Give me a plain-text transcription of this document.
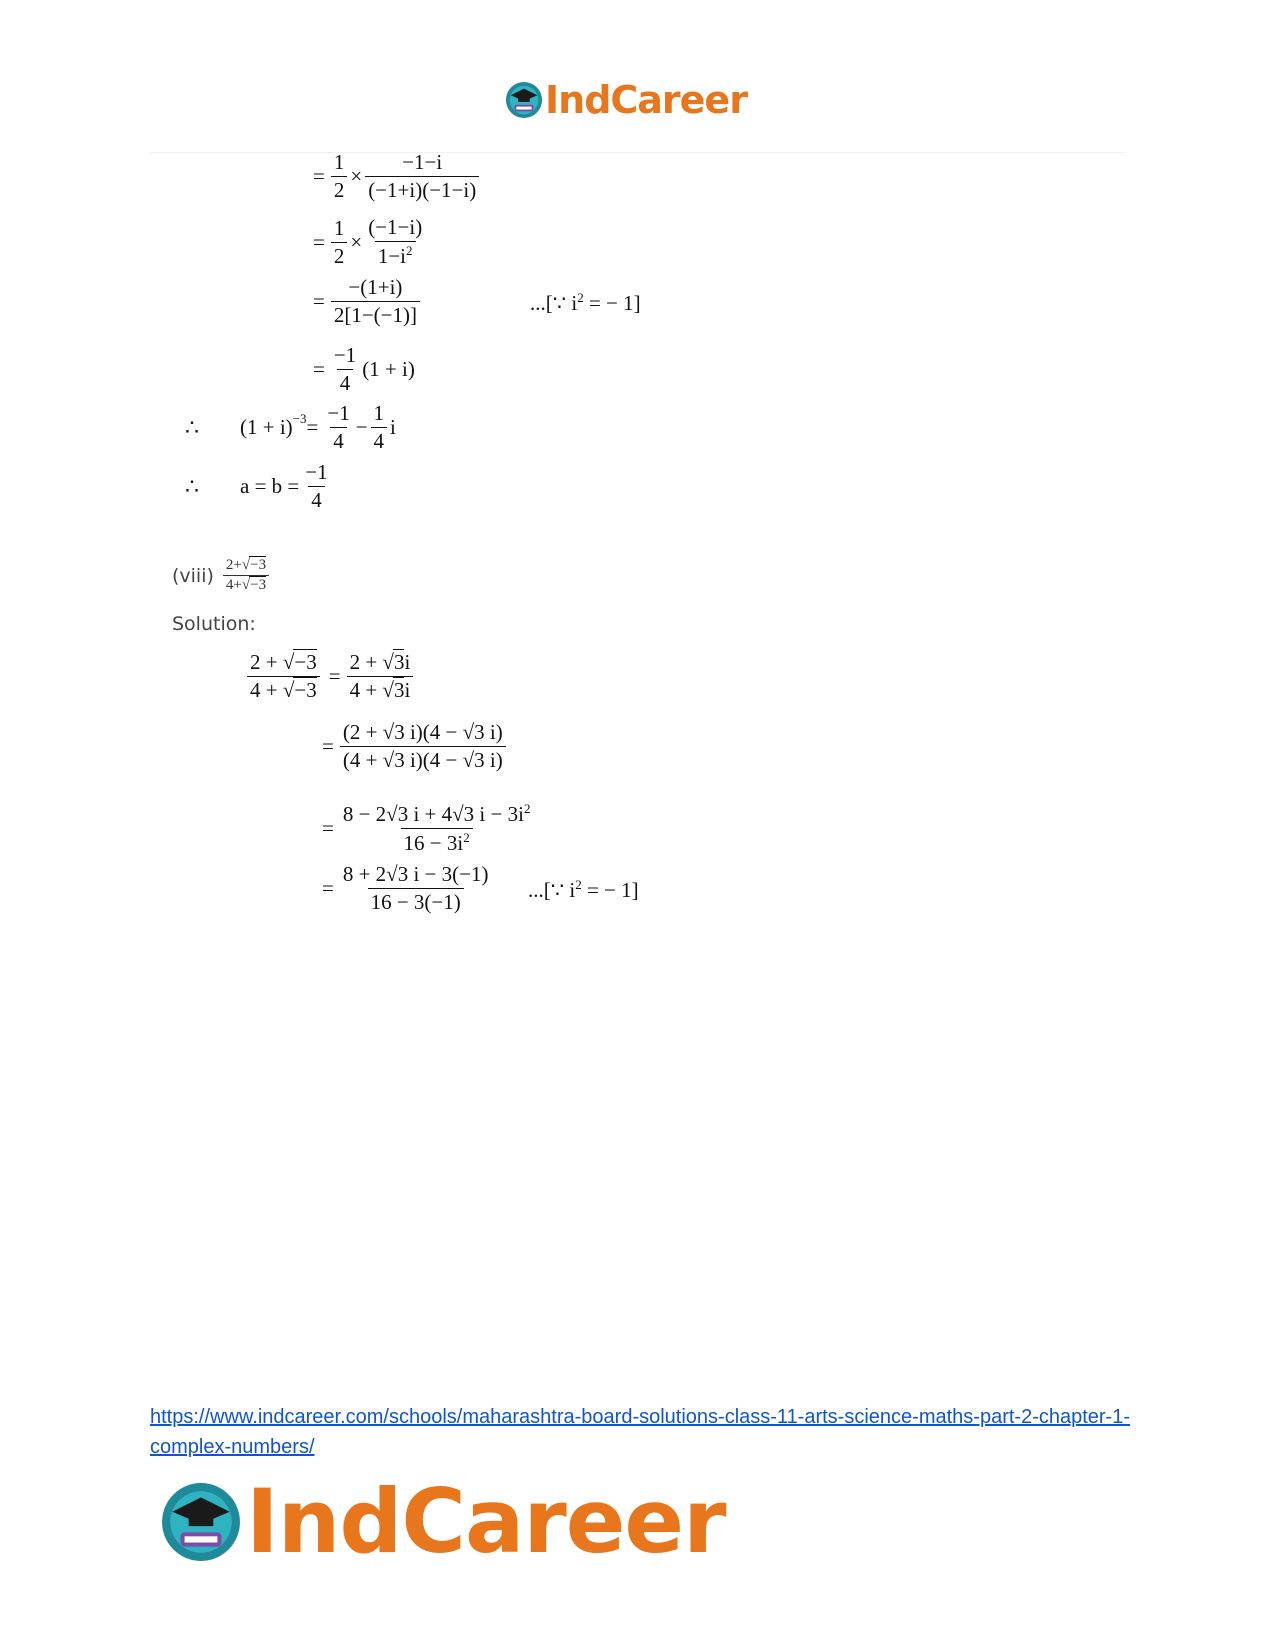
IndCareer
= $\frac{1}{2} \times \frac{-1-i}{(-1+i)(-1-i)}$
= $\frac{1}{2} \times \frac{(-1-i)}{1-i^2}$
= $\frac{-(1+i)}{2[1-(-1)]}$	...[∵ $i^2$ = − 1]
= $\frac{-1}{4} (1 + i)$
∴	$(1 + i)^{-3} = \frac{-1}{4} - \frac{1}{4}$ i
∴	$a = b = \frac{-1}{4}$
(viii) $\frac{2+√-3}{4+√-3}$
Solution:
$\frac{2 + √-3}{4 + √-3} = \frac{2 + √3i}{4 + √3i}$
= $\frac{(2 + √3 i)(4 - √3 i)}{(4 + √3 i)(4 - √3 i)}$
= $\frac{8 - 2√3 i + 4√3 i - 3i^2}{16 - 3i^2}$
= $\frac{8 + 2√3 i - 3(-1)}{16 - 3(-1)}$ ...[∵ $i^2$ = − 1]
https://www.indcareer.com/schools/maharashtra-board-solutions-class-11-arts-science-maths-part-2-chapter-1-complex-numbers/
IndCareer
